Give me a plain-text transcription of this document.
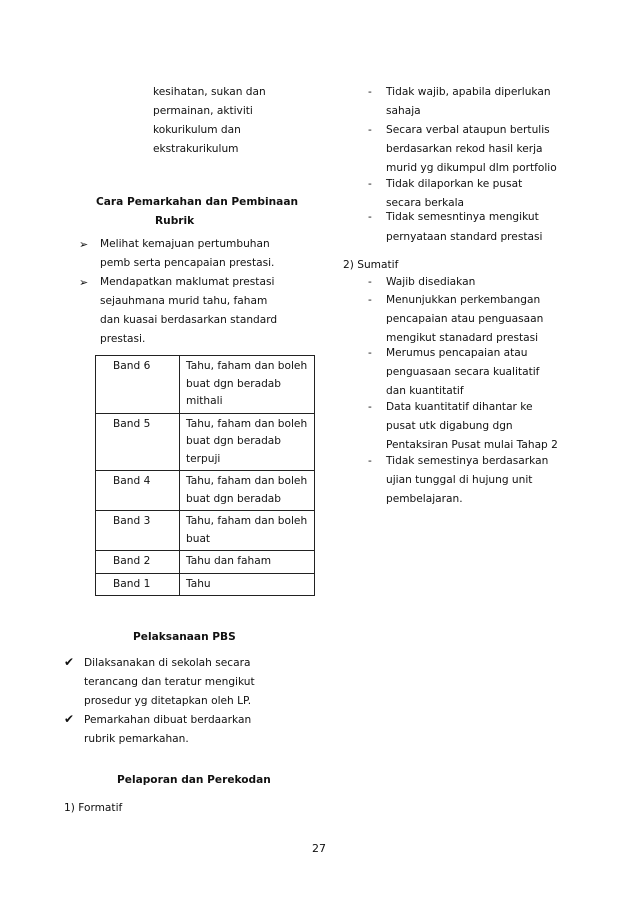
kesihatan, sukan dan
permainan, aktiviti
kokurikulum dan
ekstrakurikulum
Cara Pemarkahan dan Pembinaan
Rubrik
➢ Melihat kemajuan pertumbuhan
pemb serta pencapaian prestasi.
➢ Mendapatkan maklumat prestasi
sejauhmana murid tahu, faham
dan kuasai berdasarkan standard
prestasi.
Band 6	Tahu, faham dan boleh
buat dgn beradab
mithali

Band 5	Tahu, faham dan boleh
buat dgn beradab
terpuji

Band 4	Tahu, faham dan boleh
buat dgn beradab

Band 3	Tahu, faham dan boleh
buat

Band 2	Tahu dan faham

Band 1	Tahu
Pelaksanaan PBS
✔ Dilaksanakan di sekolah secara
terancang dan teratur mengikut
prosedur yg ditetapkan oleh LP.
✔ Pemarkahan dibuat berdaarkan
rubrik pemarkahan.
Pelaporan dan Perekodan
1) Formatif
- Tidak wajib, apabila diperlukan
sahaja
- Secara verbal ataupun bertulis
berdasarkan rekod hasil kerja
murid yg dikumpul dlm portfolio
- Tidak dilaporkan ke pusat
secara berkala
- Tidak semesntinya mengikut
pernyataan standard prestasi
2) Sumatif
- Wajib disediakan
- Menunjukkan perkembangan
pencapaian atau penguasaan
mengikut stanadard prestasi
- Merumus pencapaian atau
penguasaan secara kualitatif
dan kuantitatif
- Data kuantitatif dihantar ke
pusat utk digabung dgn
Pentaksiran Pusat mulai Tahap 2
- Tidak semestinya berdasarkan
ujian tunggal di hujung unit
pembelajaran.
27
